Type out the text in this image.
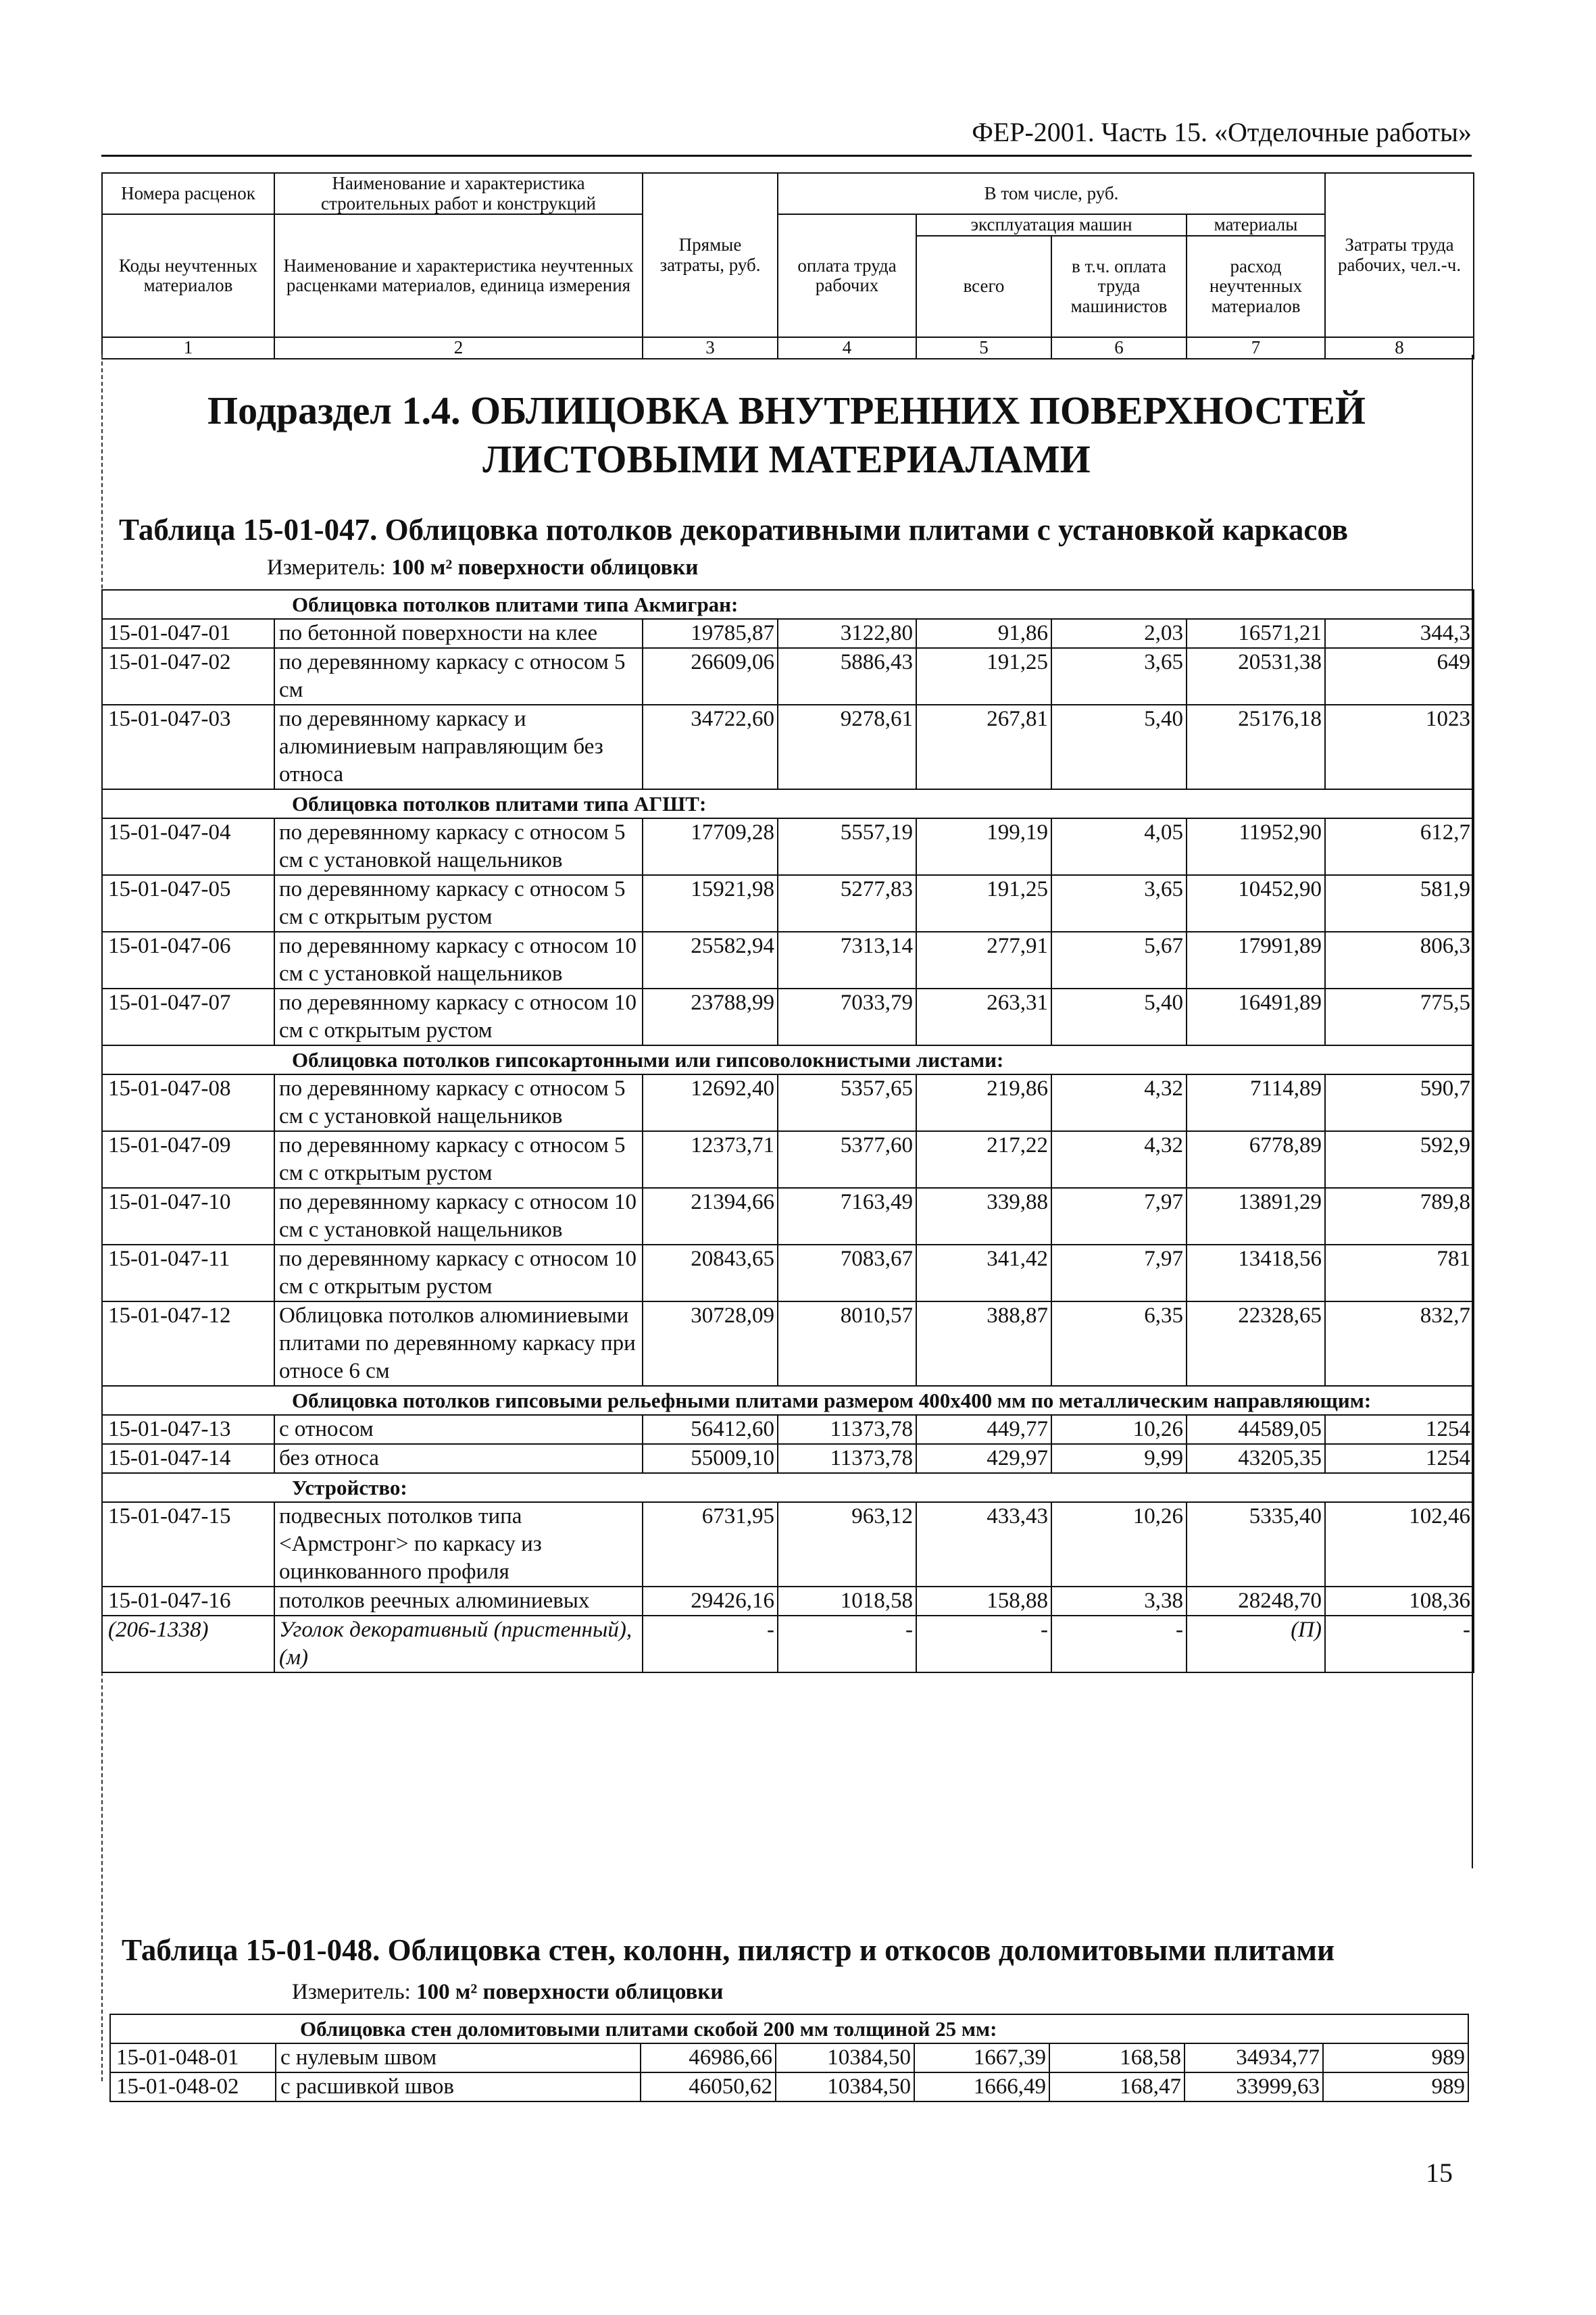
ФЕР-2001. Часть 15. «Отделочные работы»
Номера расценок	Наименование и характеристика строительных работ и конструкций	Прямые затраты, руб.	В том числе, руб.				Затраты труда рабочих, чел.-ч.
Коды неучтенных материалов	Наименование и характеристика неучтенных расценками материалов, единица измерения		оплата труда рабочих	эксплуатация машин		материалы	
				всего	в т.ч. оплата труда машинистов	расход неучтенных материалов	
1	2	3	4	5	6	7	8
Подраздел 1.4. ОБЛИЦОВКА ВНУТРЕННИХ ПОВЕРХНОСТЕЙ ЛИСТОВЫМИ МАТЕРИАЛАМИ
Таблица 15-01-047. Облицовка потолков декоративными плитами с установкой каркасов
Измеритель: 100 м² поверхности облицовки
Облицовка потолков плитами типа Акмигран:							
15-01-047-01	по бетонной поверхности на клее	19785,87	3122,80	91,86	2,03	16571,21	344,3
15-01-047-02	по деревянному каркасу с относом 5 см	26609,06	5886,43	191,25	3,65	20531,38	649
15-01-047-03	по деревянному каркасу и алюминиевым направляющим без относа	34722,60	9278,61	267,81	5,40	25176,18	1023
Облицовка потолков плитами типа АГШТ:							
15-01-047-04	по деревянному каркасу с относом 5 см с установкой нащельников	17709,28	5557,19	199,19	4,05	11952,90	612,7
15-01-047-05	по деревянному каркасу с относом 5 см с открытым рустом	15921,98	5277,83	191,25	3,65	10452,90	581,9
15-01-047-06	по деревянному каркасу с относом 10 см с установкой нащельников	25582,94	7313,14	277,91	5,67	17991,89	806,3
15-01-047-07	по деревянному каркасу с относом 10 см с открытым рустом	23788,99	7033,79	263,31	5,40	16491,89	775,5
Облицовка потолков гипсокартонными или гипсоволокнистыми листами:							
15-01-047-08	по деревянному каркасу с относом 5 см с установкой нащельников	12692,40	5357,65	219,86	4,32	7114,89	590,7
15-01-047-09	по деревянному каркасу с относом 5 см с открытым рустом	12373,71	5377,60	217,22	4,32	6778,89	592,9
15-01-047-10	по деревянному каркасу с относом 10 см с установкой нащельников	21394,66	7163,49	339,88	7,97	13891,29	789,8
15-01-047-11	по деревянному каркасу с относом 10 см с открытым рустом	20843,65	7083,67	341,42	7,97	13418,56	781
15-01-047-12	Облицовка потолков алюминиевыми плитами по деревянному каркасу при относе 6 см	30728,09	8010,57	388,87	6,35	22328,65	832,7
Облицовка потолков гипсовыми рельефными плитами размером 400х400 мм по металлическим направляющим:							
15-01-047-13	с относом	56412,60	11373,78	449,77	10,26	44589,05	1254
15-01-047-14	без относа	55009,10	11373,78	429,97	9,99	43205,35	1254
Устройство:							
15-01-047-15	подвесных потолков типа <Армстронг> по каркасу из оцинкованного профиля	6731,95	963,12	433,43	10,26	5335,40	102,46
15-01-047-16	потолков реечных алюминиевых	29426,16	1018,58	158,88	3,38	28248,70	108,36
(206-1338)	Уголок декоративный (пристенный), (м)	-	-	-	-	(П)	-
Таблица 15-01-048. Облицовка стен, колонн, пилястр и откосов доломитовыми плитами
Измеритель: 100 м² поверхности облицовки
Облицовка стен доломитовыми плитами скобой 200 мм толщиной 25 мм:							
15-01-048-01	с нулевым швом	46986,66	10384,50	1667,39	168,58	34934,77	989
15-01-048-02	с расшивкой швов	46050,62	10384,50	1666,49	168,47	33999,63	989
15
